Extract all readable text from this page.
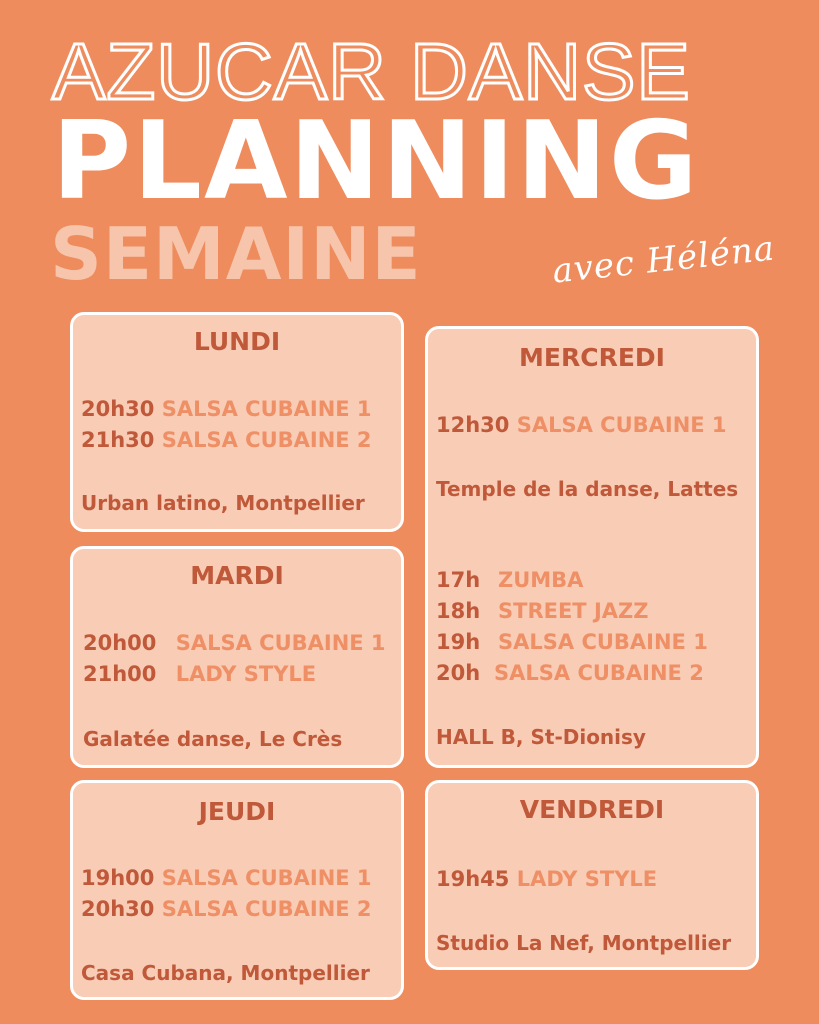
AZUCAR DANSE
PLANNING
SEMAINE	avec Héléna
LUNDI
20h30 SALSA CUBAINE 1
21h30 SALSA CUBAINE 2
Urban latino, Montpellier
MARDI
20h00 SALSA CUBAINE 1
21h00 LADY STYLE
Galatée danse, Le Crès
JEUDI
19h00 SALSA CUBAINE 1
20h30 SALSA CUBAINE 2
Casa Cubana, Montpellier
MERCREDI
12h30 SALSA CUBAINE 1
Temple de la danse, Lattes
17h ZUMBA
18h STREET JAZZ
19h SALSA CUBAINE 1
20h SALSA CUBAINE 2
HALL B, St-Dionisy
VENDREDI
19h45 LADY STYLE
Studio La Nef, Montpellier
